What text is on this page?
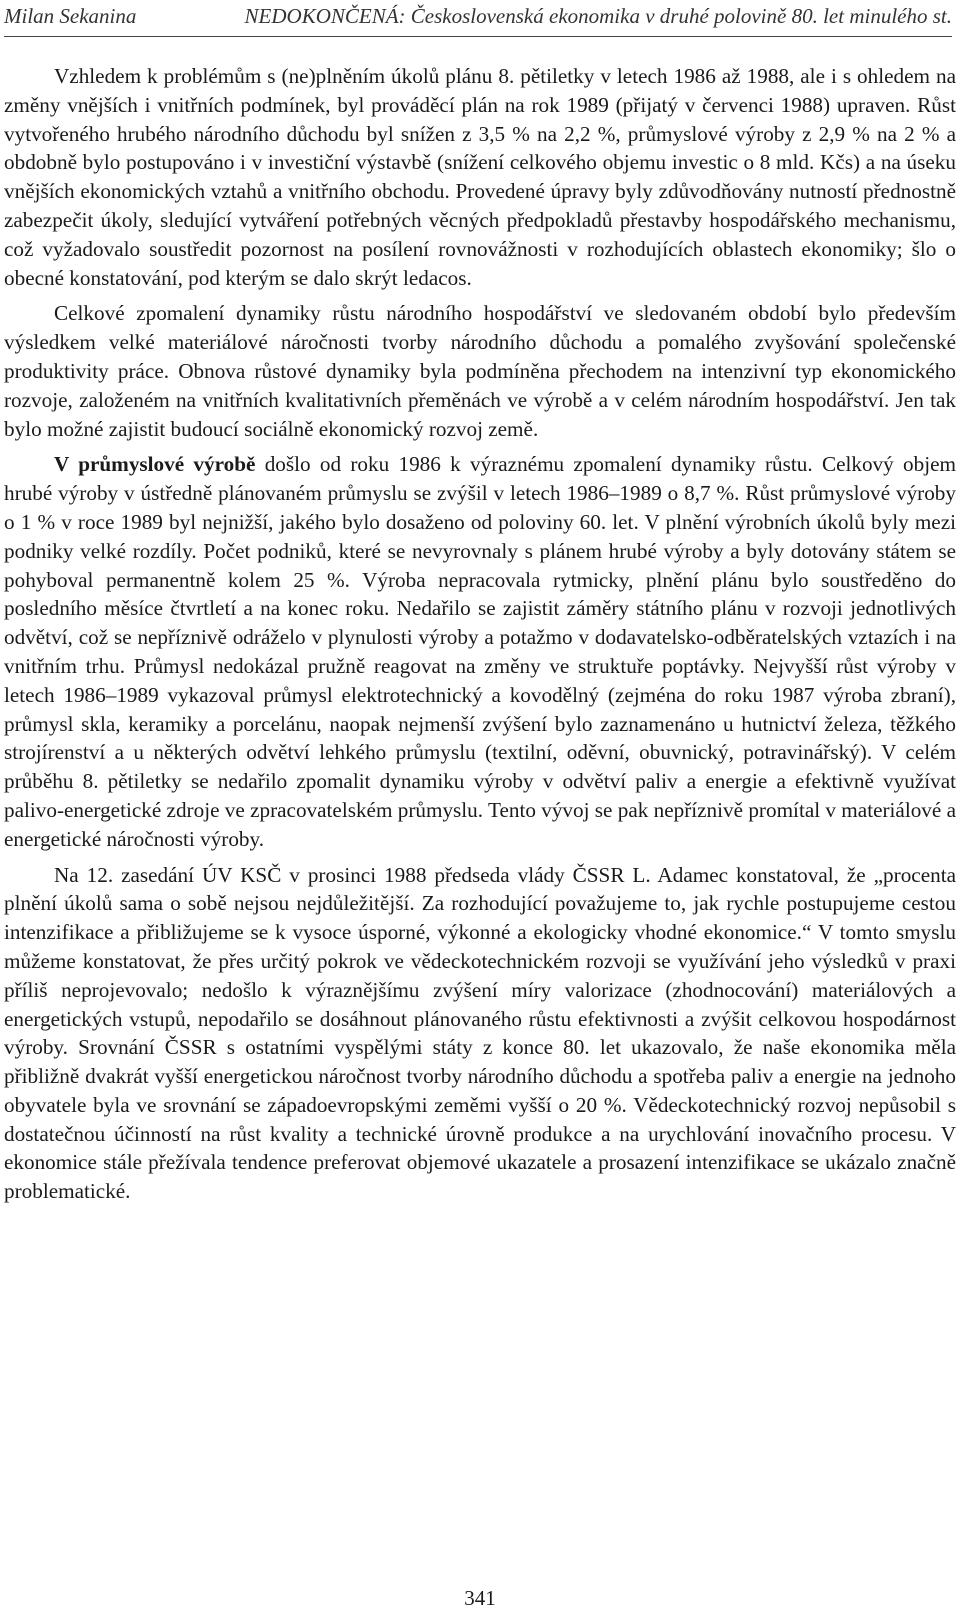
Milan Sekanina	NEDOKONČENÁ: Československá ekonomika v druhé polovině 80. let minulého st.

Vzhledem k problémům s (ne)plněním úkolů plánu 8. pětiletky v letech 1986 až 1988, ale i s ohledem na změny vnějších i vnitřních podmínek, byl prováděcí plán na rok 1989 (přijatý v červenci 1988) upraven. Růst vytvořeného hrubého národního důchodu byl snížen z 3,5 % na 2,2 %, průmyslové výroby z 2,9 % na 2 % a obdobně bylo postupováno i v investiční výstavbě (snížení celkového objemu investic o 8 mld. Kčs) a na úseku vnějších ekonomických vztahů a vnitřního obchodu. Provedené úpravy byly zdůvodňovány nutností přednostně zabezpečit úkoly, sledující vytváření potřebných věcných předpokladů přestavby hospodářského mechanismu, což vyžadovalo soustředit pozornost na posílení rovnovážnosti v rozhodujících oblastech ekonomiky; šlo o obecné konstatování, pod kterým se dalo skrýt ledacos.

Celkové zpomalení dynamiky růstu národního hospodářství ve sledovaném období bylo především výsledkem velké materiálové náročnosti tvorby národního důchodu a pomalého zvyšování společenské produktivity práce. Obnova růstové dynamiky byla podmíněna přechodem na intenzivní typ ekonomického rozvoje, založeném na vnitřních kvalitativních přeměnách ve výrobě a v celém národním hospodářství. Jen tak bylo možné zajistit budoucí sociálně ekonomický rozvoj země.

V průmyslové výrobě došlo od roku 1986 k výraznému zpomalení dynamiky růstu. Celkový objem hrubé výroby v ústředně plánovaném průmyslu se zvýšil v letech 1986–1989 o 8,7 %. Růst průmyslové výroby o 1 % v roce 1989 byl nejnižší, jakého bylo dosaženo od poloviny 60. let. V plnění výrobních úkolů byly mezi podniky velké rozdíly. Počet podniků, které se nevyrovnaly s plánem hrubé výroby a byly dotovány státem se pohyboval permanentně kolem 25 %. Výroba nepracovala rytmicky, plnění plánu bylo soustředěno do posledního měsíce čtvrtletí a na konec roku. Nedařilo se zajistit záměry státního plánu v rozvoji jednotlivých odvětví, což se nepříznivě odráželo v plynulosti výroby a potažmo v dodavatelsko-odběratelských vztazích i na vnitřním trhu. Průmysl nedokázal pružně reagovat na změny ve struktuře poptávky. Nejvyšší růst výroby v letech 1986–1989 vykazoval průmysl elektrotechnický a kovodělný (zejména do roku 1987 výroba zbraní), průmysl skla, keramiky a porcelánu, naopak nejmenší zvýšení bylo zaznamenáno u hutnictví železa, těžkého strojírenství a u některých odvětví lehkého průmyslu (textilní, oděvní, obuvnický, potravinářský). V celém průběhu 8. pětiletky se nedařilo zpomalit dynamiku výroby v odvětví paliv a energie a efektivně využívat palivo-energetické zdroje ve zpracovatelském průmyslu. Tento vývoj se pak nepříznivě promítal v materiálové a energetické náročnosti výroby.

Na 12. zasedání ÚV KSČ v prosinci 1988 předseda vlády ČSSR L. Adamec konstatoval, že „procenta plnění úkolů sama o sobě nejsou nejdůležitější. Za rozhodující považujeme to, jak rychle postupujeme cestou intenzifikace a přibližujeme se k vysoce úsporné, výkonné a ekologicky vhodné ekonomice.“ V tomto smyslu můžeme konstatovat, že přes určitý pokrok ve vědeckotechnickém rozvoji se využívání jeho výsledků v praxi příliš neprojevovalo; nedošlo k výraznějšímu zvýšení míry valorizace (zhodnocování) materiálových a energetických vstupů, nepodařilo se dosáhnout plánovaného růstu efektivnosti a zvýšit celkovou hospodárnost výroby. Srovnání ČSSR s ostatními vyspělými státy z konce 80. let ukazovalo, že naše ekonomika měla přibližně dvakrát vyšší energetickou náročnost tvorby národního důchodu a spotřeba paliv a energie na jednoho obyvatele byla ve srovnání se západoevropskými zeměmi vyšší o 20 %. Vědeckotechnický rozvoj nepůsobil s dostatečnou účinností na růst kvality a technické úrovně produkce a na urychlování inovačního procesu. V ekonomice stále přežívala tendence preferovat objemové ukazatele a prosazení intenzifikace se ukázalo značně problematické.

341
